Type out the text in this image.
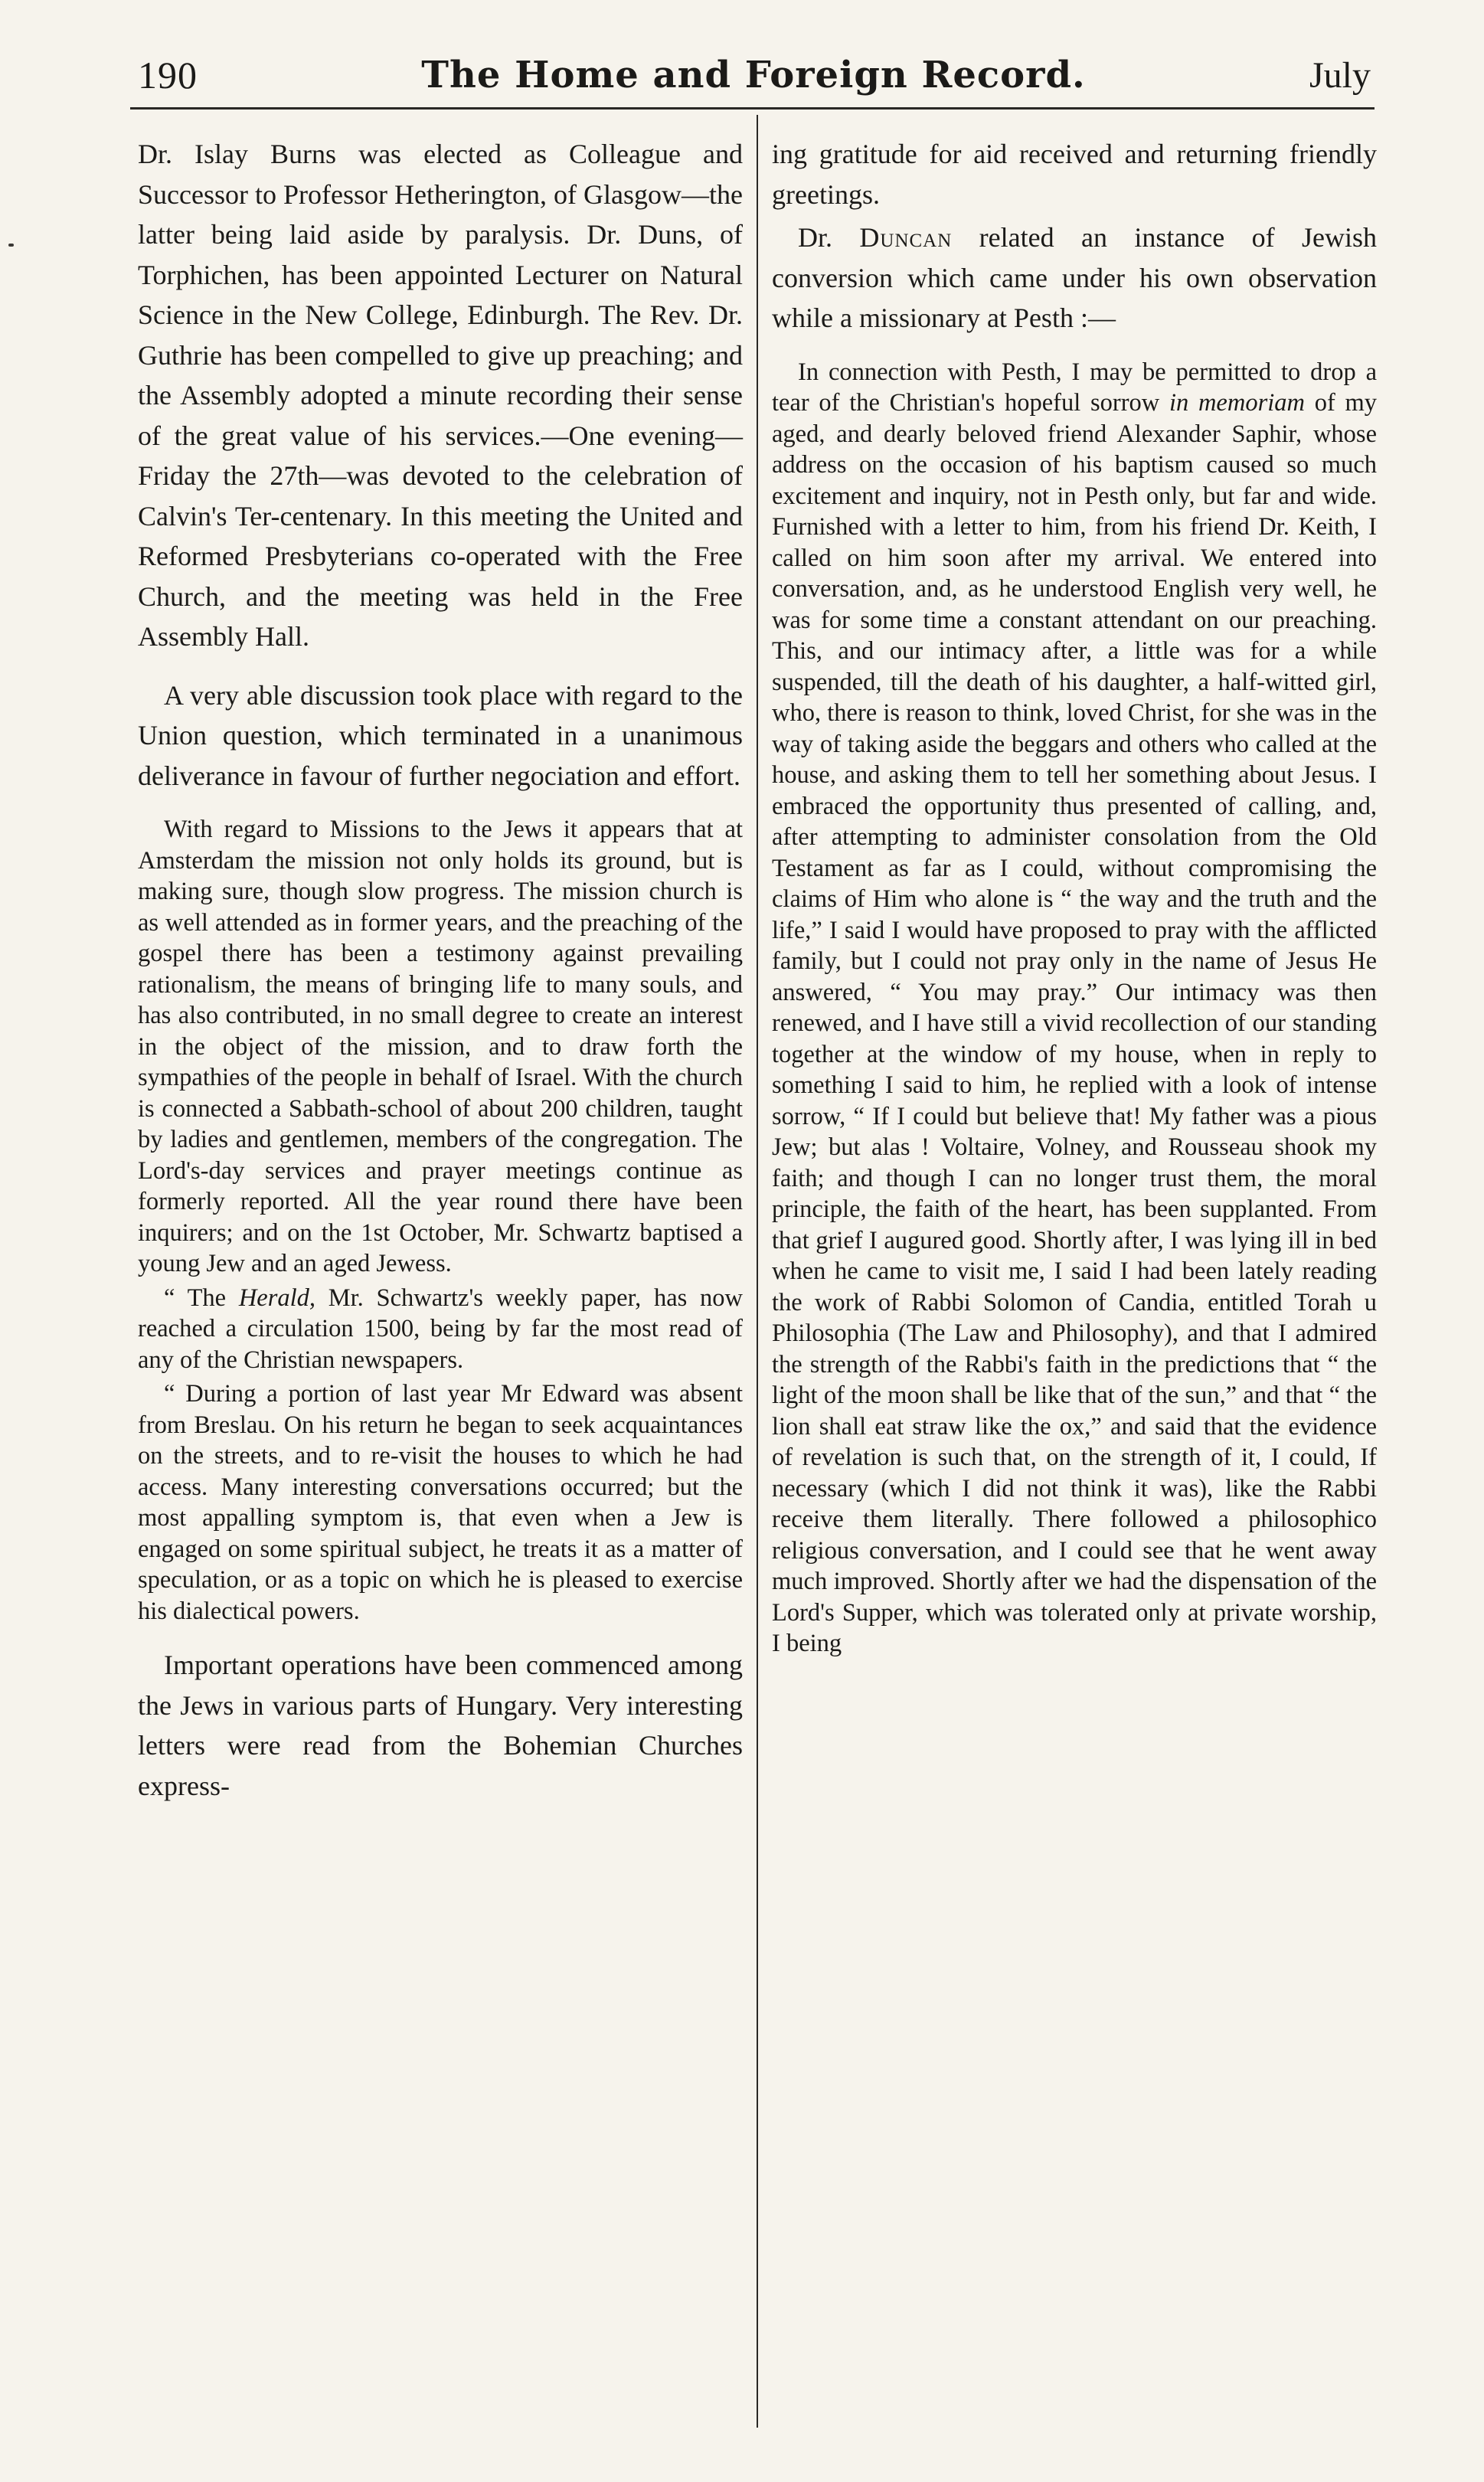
190	The Home and Foreign Record.	July

Dr. Islay Burns was elected as Colleague and Successor to Professor Hetherington, of Glasgow—the latter being laid aside by paralysis. Dr. Duns, of Torphichen, has been appointed Lecturer on Natural Science in the New College, Edinburgh. The Rev. Dr. Guthrie has been compelled to give up preaching; and the Assembly adopted a minute recording their sense of the great value of his services.—One evening—Friday the 27th—was devoted to the celebration of Calvin's Ter-centenary. In this meeting the United and Reformed Presbyterians co-operated with the Free Church, and the meeting was held in the Free Assembly Hall.

A very able discussion took place with regard to the Union question, which terminated in a unanimous deliverance in favour of further negociation and effort.

With regard to Missions to the Jews it appears that at Amsterdam the mission not only holds its ground, but is making sure, though slow progress. The mission church is as well attended as in former years, and the preaching of the gospel there has been a testimony against prevailing rationalism, the means of bringing life to many souls, and has also contributed, in no small degree to create an interest in the object of the mission, and to draw forth the sympathies of the people in behalf of Israel. With the church is connected a Sabbath-school of about 200 children, taught by ladies and gentlemen, members of the congregation. The Lord's-day services and prayer meetings continue as formerly reported. All the year round there have been inquirers; and on the 1st October, Mr. Schwartz baptised a young Jew and an aged Jewess.

“ The Herald, Mr. Schwartz's weekly paper, has now reached a circulation 1500, being by far the most read of any of the Christian newspapers.

“ During a portion of last year Mr Edward was absent from Breslau. On his return he began to seek acquaintances on the streets, and to re-visit the houses to which he had access. Many interesting conversations occurred; but the most appalling symptom is, that even when a Jew is engaged on some spiritual subject, he treats it as a matter of speculation, or as a topic on which he is pleased to exercise his dialectical powers.

Important operations have been commenced among the Jews in various parts of Hungary. Very interesting letters were read from the Bohemian Churches express-

ing gratitude for aid received and returning friendly greetings.

Dr. Duncan related an instance of Jewish conversion which came under his own observation while a missionary at Pesth :—

In connection with Pesth, I may be permitted to drop a tear of the Christian's hopeful sorrow in memoriam of my aged, and dearly beloved friend Alexander Saphir, whose address on the occasion of his baptism caused so much excitement and inquiry, not in Pesth only, but far and wide. Furnished with a letter to him, from his friend Dr. Keith, I called on him soon after my arrival. We entered into conversation, and, as he understood English very well, he was for some time a constant attendant on our preaching. This, and our intimacy after, a little was for a while suspended, till the death of his daughter, a half-witted girl, who, there is reason to think, loved Christ, for she was in the way of taking aside the beggars and others who called at the house, and asking them to tell her something about Jesus. I embraced the opportunity thus presented of calling, and, after attempting to administer consolation from the Old Testament as far as I could, without compromising the claims of Him who alone is “ the way and the truth and the life,” I said I would have proposed to pray with the afflicted family, but I could not pray only in the name of Jesus He answered, “ You may pray.” Our intimacy was then renewed, and I have still a vivid recollection of our standing together at the window of my house, when in reply to something I said to him, he replied with a look of intense sorrow, “ If I could but believe that! My father was a pious Jew; but alas ! Voltaire, Volney, and Rousseau shook my faith; and though I can no longer trust them, the moral principle, the faith of the heart, has been supplanted. From that grief I augured good. Shortly after, I was lying ill in bed when he came to visit me, I said I had been lately reading the work of Rabbi Solomon of Candia, entitled Torah u Philosophia (The Law and Philosophy), and that I admired the strength of the Rabbi's faith in the predictions that “ the light of the moon shall be like that of the sun,” and that “ the lion shall eat straw like the ox,” and said that the evidence of revelation is such that, on the strength of it, I could, If necessary (which I did not think it was), like the Rabbi receive them literally. There followed a philosophico religious conversation, and I could see that he went away much improved. Shortly after we had the dispensation of the Lord's Supper, which was tolerated only at private worship, I being
